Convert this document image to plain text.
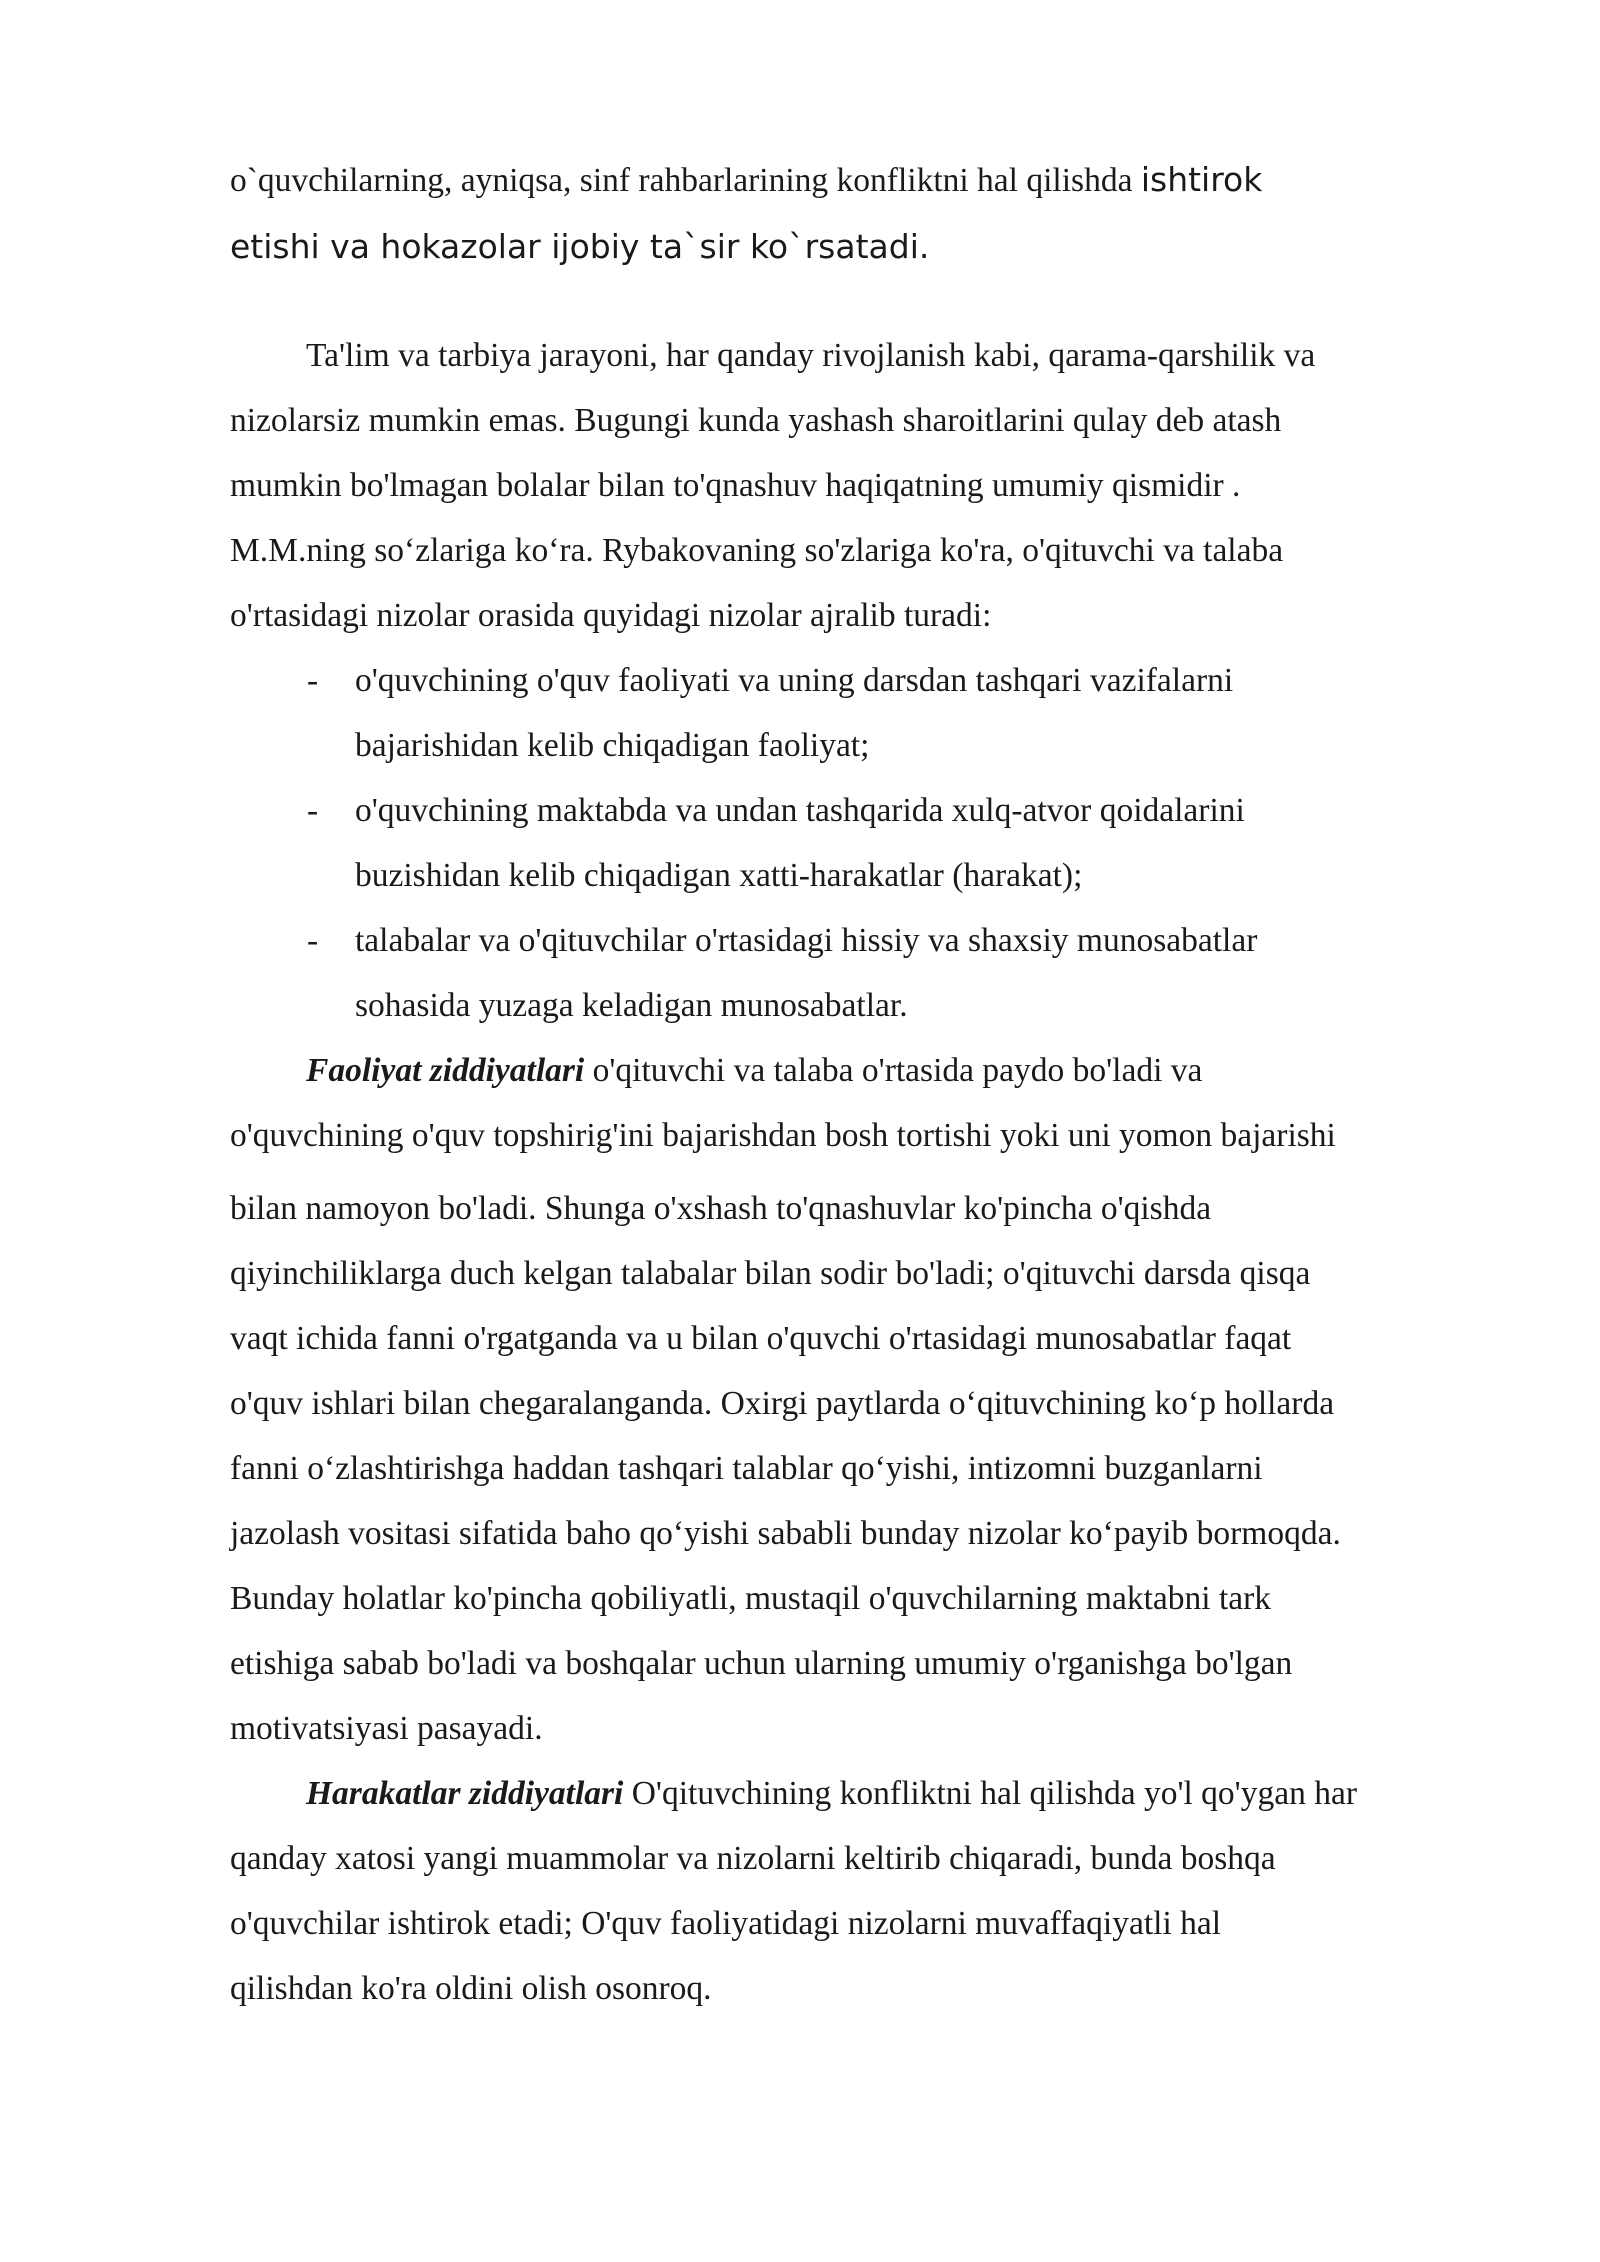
o`quvchilarning, ayniqsa, sinf rahbarlarining konfliktni hal qilishda ishtirok

etishi va hokazolar ijobiy ta`sir ko`rsatadi.

Ta'lim va tarbiya jarayoni, har qanday rivojlanish kabi, qarama-qarshilik va

nizolarsiz mumkin emas. Bugungi kunda yashash sharoitlarini qulay deb atash

mumkin bo'lmagan bolalar bilan to'qnashuv haqiqatning umumiy qismidir .

M.M.ning so‘zlariga ko‘ra. Rybakovaning so'zlariga ko'ra, o'qituvchi va talaba

o'rtasidagi nizolar orasida quyidagi nizolar ajralib turadi:

- o'quvchining o'quv faoliyati va uning darsdan tashqari vazifalarni
bajarishidan kelib chiqadigan faoliyat;
- o'quvchining maktabda va undan tashqarida xulq-atvor qoidalarini
buzishidan kelib chiqadigan xatti-harakatlar (harakat);
- talabalar va o'qituvchilar o'rtasidagi hissiy va shaxsiy munosabatlar
sohasida yuzaga keladigan munosabatlar.

Faoliyat ziddiyatlari o'qituvchi va talaba o'rtasida paydo bo'ladi va

o'quvchining o'quv topshirig'ini bajarishdan bosh tortishi yoki uni yomon bajarishi

bilan namoyon bo'ladi. Shunga o'xshash to'qnashuvlar ko'pincha o'qishda

qiyinchiliklarga duch kelgan talabalar bilan sodir bo'ladi; o'qituvchi darsda qisqa

vaqt ichida fanni o'rgatganda va u bilan o'quvchi o'rtasidagi munosabatlar faqat

o'quv ishlari bilan chegaralanganda. Oxirgi paytlarda o‘qituvchining ko‘p hollarda

fanni o‘zlashtirishga haddan tashqari talablar qo‘yishi, intizomni buzganlarni

jazolash vositasi sifatida baho qo‘yishi sababli bunday nizolar ko‘payib bormoqda.

Bunday holatlar ko'pincha qobiliyatli, mustaqil o'quvchilarning maktabni tark

etishiga sabab bo'ladi va boshqalar uchun ularning umumiy o'rganishga bo'lgan

motivatsiyasi pasayadi.

Harakatlar ziddiyatlari O'qituvchining konfliktni hal qilishda yo'l qo'ygan har

qanday xatosi yangi muammolar va nizolarni keltirib chiqaradi, bunda boshqa

o'quvchilar ishtirok etadi; O'quv faoliyatidagi nizolarni muvaffaqiyatli hal

qilishdan ko'ra oldini olish osonroq.
